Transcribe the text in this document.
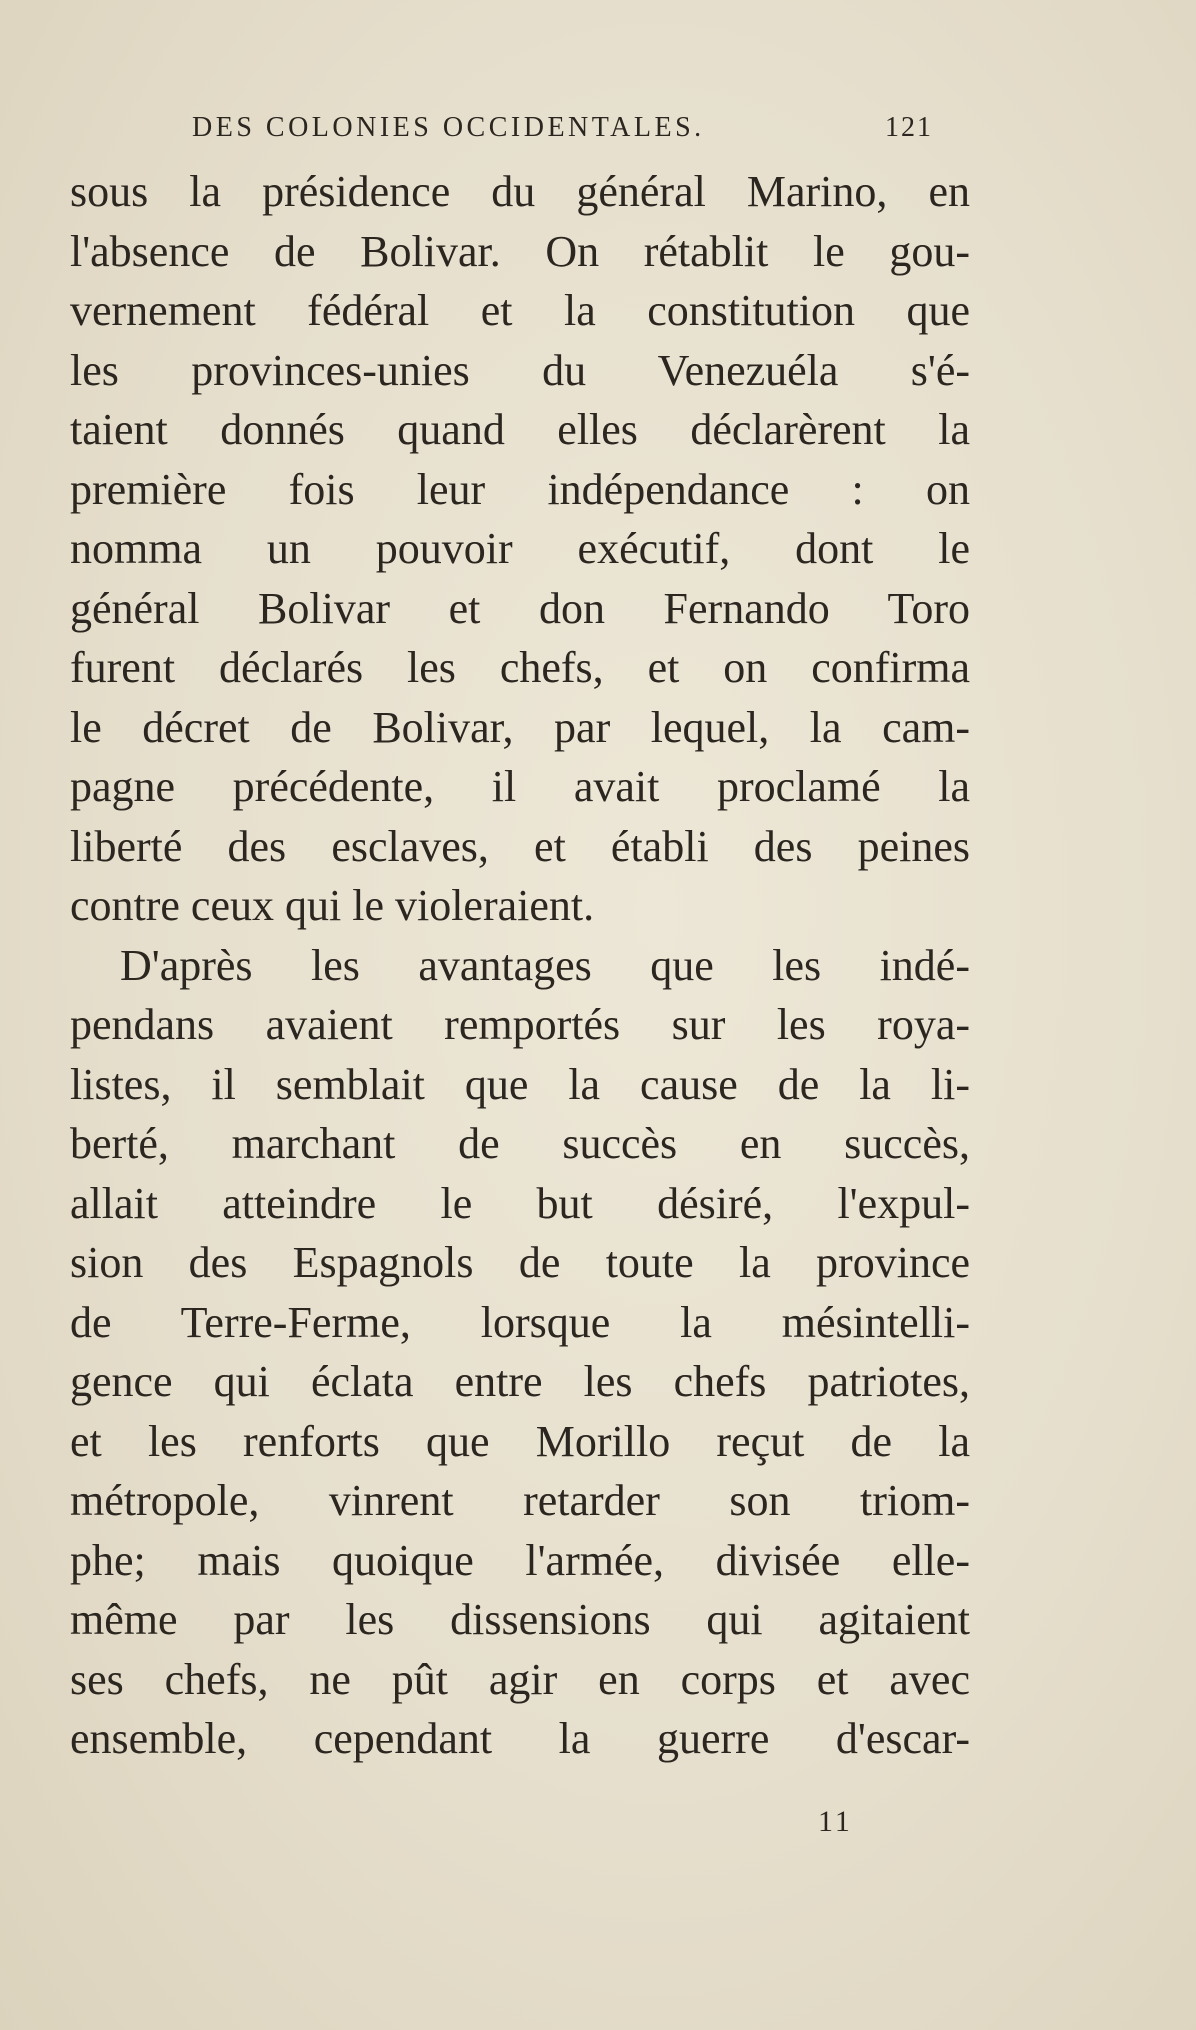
DES COLONIES OCCIDENTALES.	121
sous la présidence du général Marino, en
l'absence de Bolivar. On rétablit le gou-
vernement fédéral et la constitution que
les provinces-unies du Venezuéla s'é-
taient donnés quand elles déclarèrent la
première fois leur indépendance : on
nomma un pouvoir exécutif, dont le
général Bolivar et don Fernando Toro
furent déclarés les chefs, et on confirma
le décret de Bolivar, par lequel, la cam-
pagne précédente, il avait proclamé la
liberté des esclaves, et établi des peines
contre ceux qui le violeraient.
D'après les avantages que les indé-
pendans avaient remportés sur les roya-
listes, il semblait que la cause de la li-
berté, marchant de succès en succès,
allait atteindre le but désiré, l'expul-
sion des Espagnols de toute la province
de Terre-Ferme, lorsque la mésintelli-
gence qui éclata entre les chefs patriotes,
et les renforts que Morillo reçut de la
métropole, vinrent retarder son triom-
phe; mais quoique l'armée, divisée elle-
même par les dissensions qui agitaient
ses chefs, ne pût agir en corps et avec
ensemble, cependant la guerre d'escar-
11
